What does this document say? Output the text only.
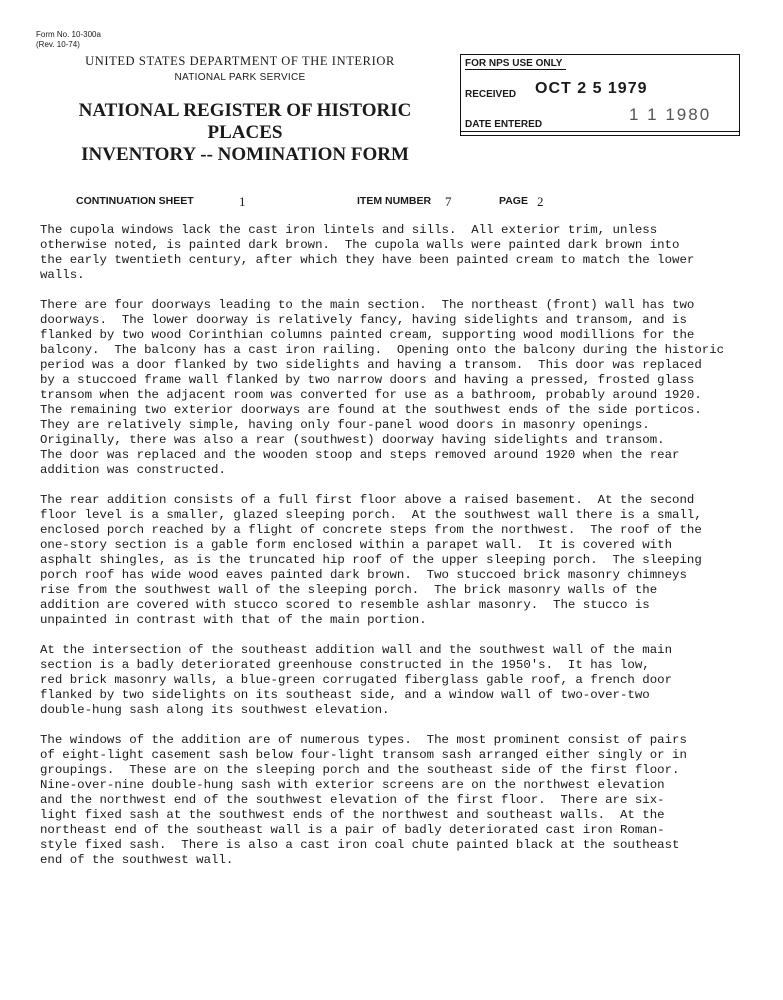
Form No. 10-300a
(Rev. 10-74)
UNITED STATES DEPARTMENT OF THE INTERIOR
NATIONAL PARK SERVICE
NATIONAL REGISTER OF HISTORIC PLACES
INVENTORY -- NOMINATION FORM
FOR NPS USE ONLY
RECEIVED OCT 2 5 1979
1 1 1980
DATE ENTERED
CONTINUATION SHEET	1	ITEM NUMBER 7	PAGE 2

The cupola windows lack the cast iron lintels and sills.  All exterior trim, unless
otherwise noted, is painted dark brown.  The cupola walls were painted dark brown into
the early twentieth century, after which they have been painted cream to match the lower
walls.

There are four doorways leading to the main section.  The northeast (front) wall has two
doorways.  The lower doorway is relatively fancy, having sidelights and transom, and is
flanked by two wood Corinthian columns painted cream, supporting wood modillions for the
balcony.  The balcony has a cast iron railing.  Opening onto the balcony during the historic
period was a door flanked by two sidelights and having a transom.  This door was replaced
by a stuccoed frame wall flanked by two narrow doors and having a pressed, frosted glass
transom when the adjacent room was converted for use as a bathroom, probably around 1920.
The remaining two exterior doorways are found at the southwest ends of the side porticos.
They are relatively simple, having only four-panel wood doors in masonry openings.
Originally, there was also a rear (southwest) doorway having sidelights and transom.
The door was replaced and the wooden stoop and steps removed around 1920 when the rear
addition was constructed.

The rear addition consists of a full first floor above a raised basement.  At the second
floor level is a smaller, glazed sleeping porch.  At the southwest wall there is a small,
enclosed porch reached by a flight of concrete steps from the northwest.  The roof of the
one-story section is a gable form enclosed within a parapet wall.  It is covered with
asphalt shingles, as is the truncated hip roof of the upper sleeping porch.  The sleeping
porch roof has wide wood eaves painted dark brown.  Two stuccoed brick masonry chimneys
rise from the southwest wall of the sleeping porch.  The brick masonry walls of the
addition are covered with stucco scored to resemble ashlar masonry.  The stucco is
unpainted in contrast with that of the main portion.

At the intersection of the southeast addition wall and the southwest wall of the main
section is a badly deteriorated greenhouse constructed in the 1950's.  It has low,
red brick masonry walls, a blue-green corrugated fiberglass gable roof, a french door
flanked by two sidelights on its southeast side, and a window wall of two-over-two
double-hung sash along its southwest elevation.

The windows of the addition are of numerous types.  The most prominent consist of pairs
of eight-light casement sash below four-light transom sash arranged either singly or in
groupings.  These are on the sleeping porch and the southeast side of the first floor.
Nine-over-nine double-hung sash with exterior screens are on the northwest elevation
and the northwest end of the southwest elevation of the first floor.  There are six-
light fixed sash at the southwest ends of the northwest and southeast walls.  At the
northeast end of the southeast wall is a pair of badly deteriorated cast iron Roman-
style fixed sash.  There is also a cast iron coal chute painted black at the southeast
end of the southwest wall.
